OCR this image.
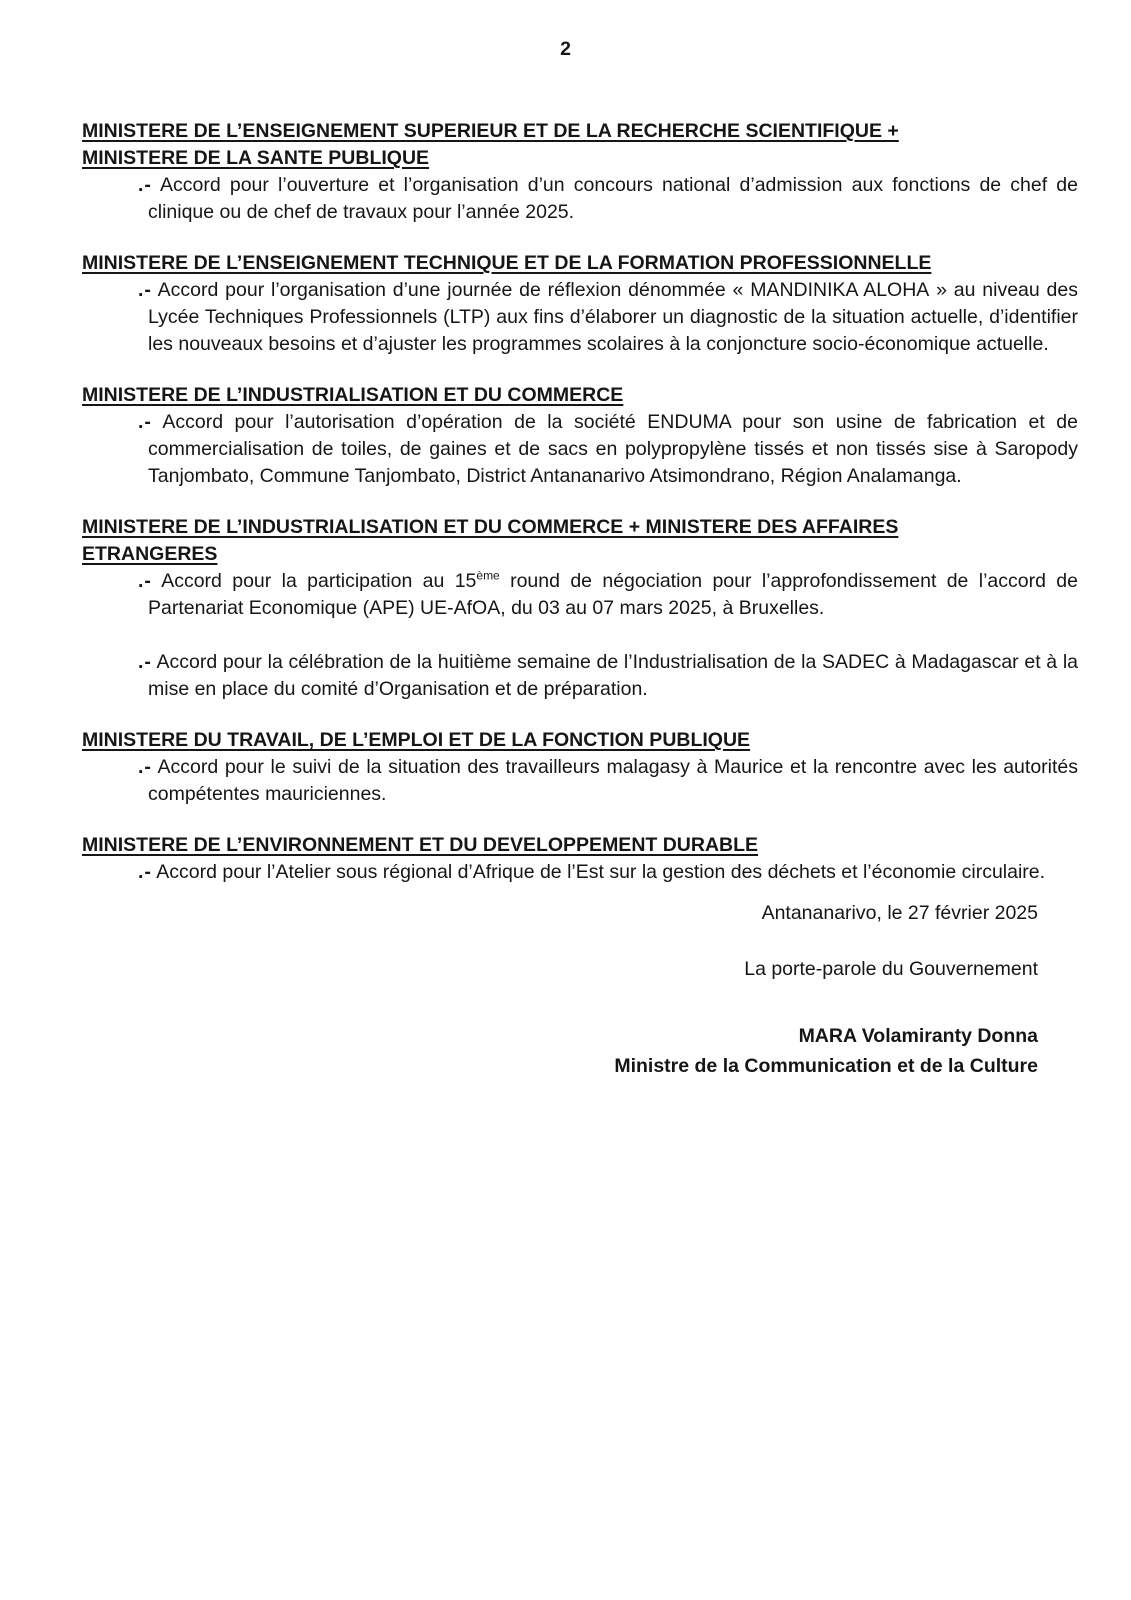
2
MINISTERE DE L’ENSEIGNEMENT SUPERIEUR ET DE LA RECHERCHE SCIENTIFIQUE +
MINISTERE DE LA SANTE PUBLIQUE

.- Accord pour l’ouverture et l’organisation d’un concours national d’admission aux fonctions de chef de clinique ou de chef de travaux pour l’année 2025.

MINISTERE DE L’ENSEIGNEMENT TECHNIQUE ET DE LA FORMATION PROFESSIONNELLE

.- Accord pour l’organisation d’une journée de réflexion dénommée « MANDINIKA ALOHA » au niveau des Lycée Techniques Professionnels (LTP) aux fins d’élaborer un diagnostic de la situation actuelle, d’identifier les nouveaux besoins et d’ajuster les programmes scolaires à la conjoncture socio-économique actuelle.

MINISTERE DE L’INDUSTRIALISATION ET DU COMMERCE

.- Accord pour l’autorisation d’opération de la société ENDUMA pour son usine de fabrication et de commercialisation de toiles, de gaines et de sacs en polypropylène tissés et non tissés sise à Saropody Tanjombato, Commune Tanjombato, District Antananarivo Atsimondrano, Région Analamanga.

MINISTERE DE L’INDUSTRIALISATION ET DU COMMERCE + MINISTERE DES AFFAIRES
ETRANGERES

.- Accord pour la participation au 15ème round de négociation pour l’approfondissement de l’accord de Partenariat Economique (APE) UE-AfOA, du 03 au 07 mars 2025, à Bruxelles.

.- Accord pour la célébration de la huitième semaine de l’Industrialisation de la SADEC à Madagascar et à la mise en place du comité d’Organisation et de préparation.

MINISTERE DU TRAVAIL, DE L’EMPLOI ET DE LA FONCTION PUBLIQUE

.- Accord pour le suivi de la situation des travailleurs malagasy à Maurice et la rencontre avec les autorités compétentes mauriciennes.

MINISTERE DE L’ENVIRONNEMENT ET DU DEVELOPPEMENT DURABLE

.- Accord pour l’Atelier sous régional d’Afrique de l’Est sur la gestion des déchets et l’économie circulaire.

Antananarivo, le 27 février 2025
La porte-parole du Gouvernement
MARA Volamiranty Donna
Ministre de la Communication et de la Culture
